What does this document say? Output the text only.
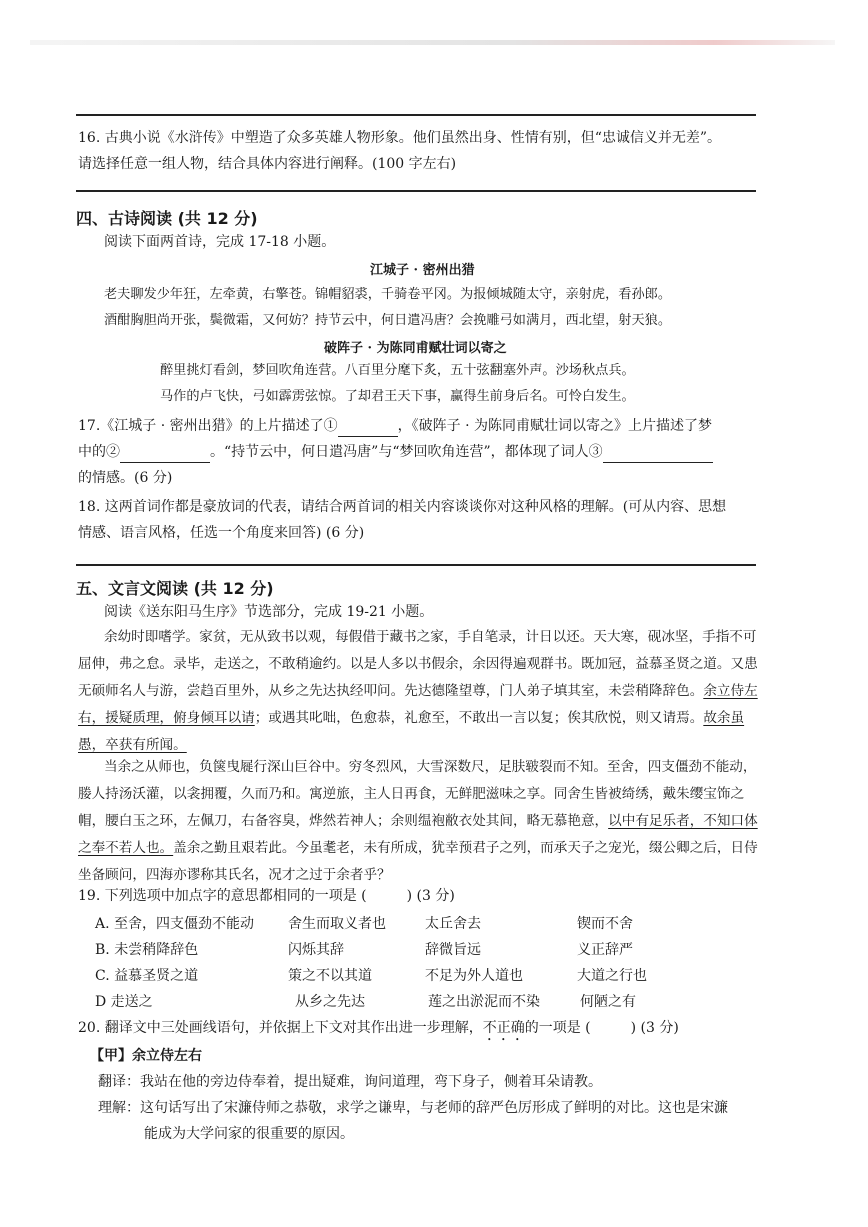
16. 古典小说《水浒传》中塑造了众多英雄人物形象。他们虽然出身、性情有别，但“忠诚信义并无差”。
请选择任意一组人物，结合具体内容进行阐释。(100 字左右)
四、古诗阅读 (共 12 分)
阅读下面两首诗，完成 17-18 小题。
江城子 · 密州出猎
老夫聊发少年狂，左牵黄，右擎苍。锦帽貂裘，千骑卷平冈。为报倾城随太守，亲射虎，看孙郎。
酒酣胸胆尚开张，鬓微霜，又何妨？持节云中，何日遣冯唐？会挽雕弓如满月，西北望，射天狼。
破阵子 · 为陈同甫赋壮词以寄之
醉里挑灯看剑，梦回吹角连营。八百里分麾下炙，五十弦翻塞外声。沙场秋点兵。
马作的卢飞快，弓如霹雳弦惊。了却君王天下事，赢得生前身后名。可怜白发生。
17.《江城子 · 密州出猎》的上片描述了①	，《破阵子 · 为陈同甫赋壮词以寄之》上片描述了梦
中的②	。“持节云中，何日遣冯唐”与“梦回吹角连营”，都体现了词人③
的情感。(6 分)
18. 这两首词作都是豪放词的代表，请结合两首词的相关内容谈谈你对这种风格的理解。(可从内容、思想
情感、语言风格，任选一个角度来回答) (6 分)
五、文言文阅读 (共 12 分)
阅读《送东阳马生序》节选部分，完成 19-21 小题。
余幼时即嗜学。家贫，无从致书以观，每假借于藏书之家，手自笔录，计日以还。天大寒，砚冰坚，手指不可屈伸，弗之怠。录毕，走送之，不敢稍逾约。以是人多以书假余，余因得遍观群书。既加冠，益慕圣贤之道。又患无硕师名人与游，尝趋百里外，从乡之先达执经叩问。先达德隆望尊，门人弟子填其室，未尝稍降辞色。余立侍左右，援疑质理，俯身倾耳以请；或遇其叱咄，色愈恭，礼愈至，不敢出一言以复；俟其欣悦，则又请焉。故余虽愚，卒获有所闻。
当余之从师也，负箧曳屣行深山巨谷中。穷冬烈风，大雪深数尺，足肤皲裂而不知。至舍，四支僵劲不能动，媵人持汤沃灌，以衾拥覆，久而乃和。寓逆旅，主人日再食，无鲜肥滋味之享。同舍生皆被绮绣，戴朱缨宝饰之帽，腰白玉之环，左佩刀，右备容臭，烨然若神人；余则缊袍敝衣处其间，略无慕艳意，以中有足乐者，不知口体之奉不若人也。盖余之勤且艰若此。今虽耄老，未有所成，犹幸预君子之列，而承天子之宠光，缀公卿之后，日侍坐备顾问，四海亦谬称其氏名，况才之过于余者乎？
19. 下列选项中加点字的意思都相同的一项是 (	) (3 分)
A. 至舍，四支僵劲不能动 舍生而取义者也	太丘舍去	锲而不舍
B. 未尝稍降辞色	闪烁其辞	辞微旨远	义正辞严
C. 益慕圣贤之道	策之不以其道	不足为外人道也	大道之行也
D 走送之	从乡之先达	莲之出淤泥而不染	何陋之有
20. 翻译文中三处画线语句，并依据上下文对其作出进一步理解，不正确的一项是 (	) (3 分)
【甲】余立侍左右
翻译：我站在他的旁边侍奉着，提出疑难，询问道理，弯下身子，侧着耳朵请教。
理解：这句话写出了宋濂侍师之恭敬，求学之谦卑，与老师的辞严色厉形成了鲜明的对比。这也是宋濂
能成为大学问家的很重要的原因。
